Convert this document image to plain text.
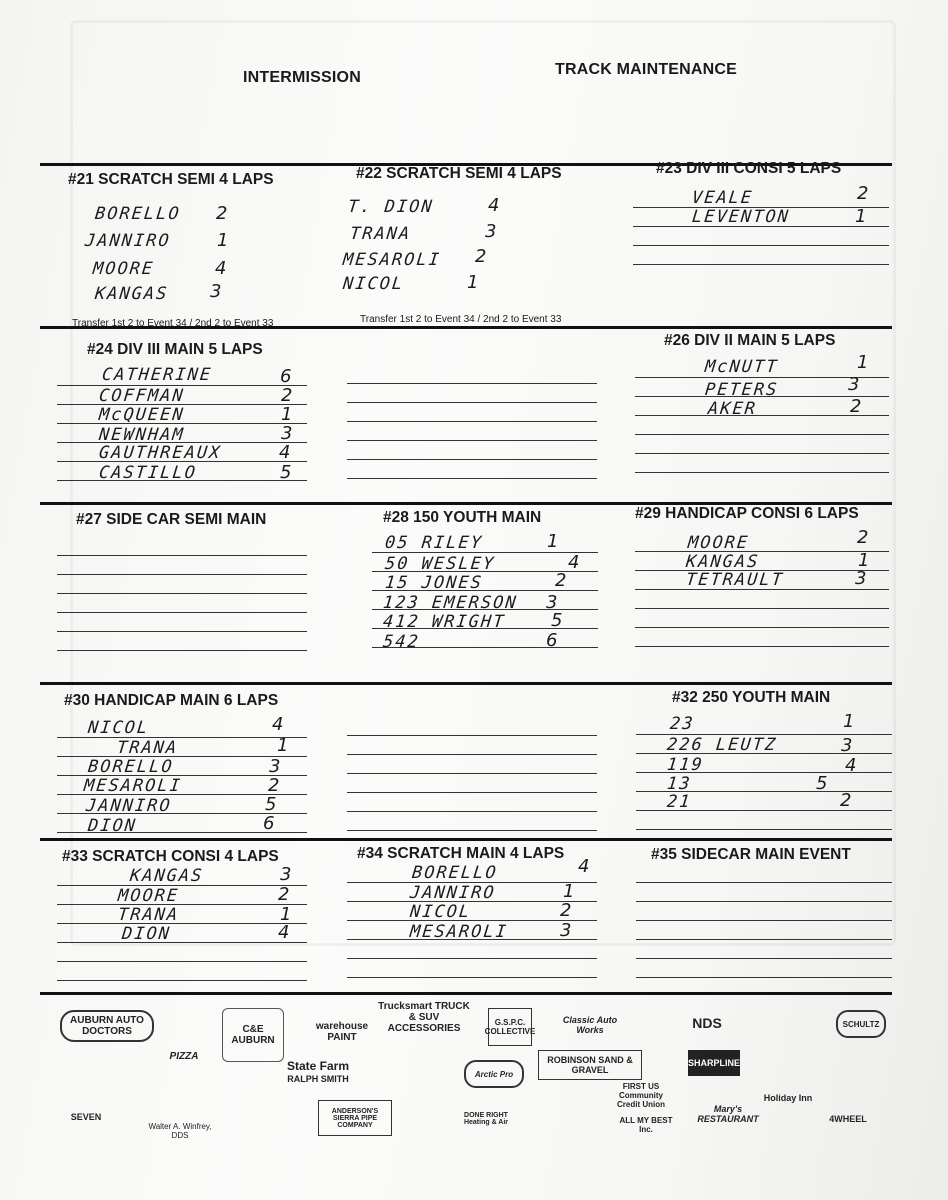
INTERMISSION	TRACK MAINTENANCE
#21 SCRATCH SEMI 4 LAPS	#22 SCRATCH SEMI 4 LAPS	#23 DIV III CONSI 5 LAPS
BORELLO 2
JANNIRO	1
MOORE	4
KANGAS 3
T. DION	4
TRANA	3
MESAROLI 2
NICOL	1
VEALE	2
LEVENTON	1
Transfer 1st 2 to Event 34 / 2nd 2 to Event 33	Transfer 1st 2 to Event 34 / 2nd 2 to Event 33
#24 DIV III MAIN 5 LAPS
#26 DIV II MAIN 5 LAPS
CATHERINE	6
COFFMAN	2
McQUEEN	1
NEWNHAM	3
GAUTHREAUX	4
CASTILLO	5
McNUTT	1
PETERS	3
AKER	2
#27 SIDE CAR SEMI MAIN	#28 150 YOUTH MAIN	#29 HANDICAP CONSI 6 LAPS
05 RILEY	1
50 WESLEY	4
15 JONES	2
123 EMERSON 3
412 WRIGHT 5
542	6
MOORE	2
KANGAS	1
TETRAULT	3
#30 HANDICAP MAIN 6 LAPS	#32 250 YOUTH MAIN
NICOL	4
TRANA	1
BORELLO	3
MESAROLI	2
JANNIRO	5
DION	6
23	1
226 LEUTZ	3
119	4
13	5
21	2
#33 SCRATCH CONSI 4 LAPS	#34 SCRATCH MAIN 4 LAPS	#35 SIDECAR MAIN EVENT
KANGAS	3
MOORE	2
TRANA	1
DION	4
BORELLO	4
JANNIRO	1
NICOL	2
MESAROLI	3
AUBURN AUTO DOCTORS	C&E AUBURN
warehouse PAINT
Trucksmart TRUCK & SUV ACCESSORIES	G.S.P.C. COLLECTIVE
Classic Auto Works	NDS	SCHULTZ
PIZZA
State Farm
RALPH SMITH
ROBINSON SAND & GRAVEL
SHARPLINE
Holiday Inn
Walter A. Winfrey, DDS
ANDERSON'S SIERRA PIPE COMPANY
FIRST US Community Credit Union
ALL MY BEST Inc.
Mary's RESTAURANT	4WHEEL
SEVEN	DONE RIGHT Heating & Air
Arctic Pro
